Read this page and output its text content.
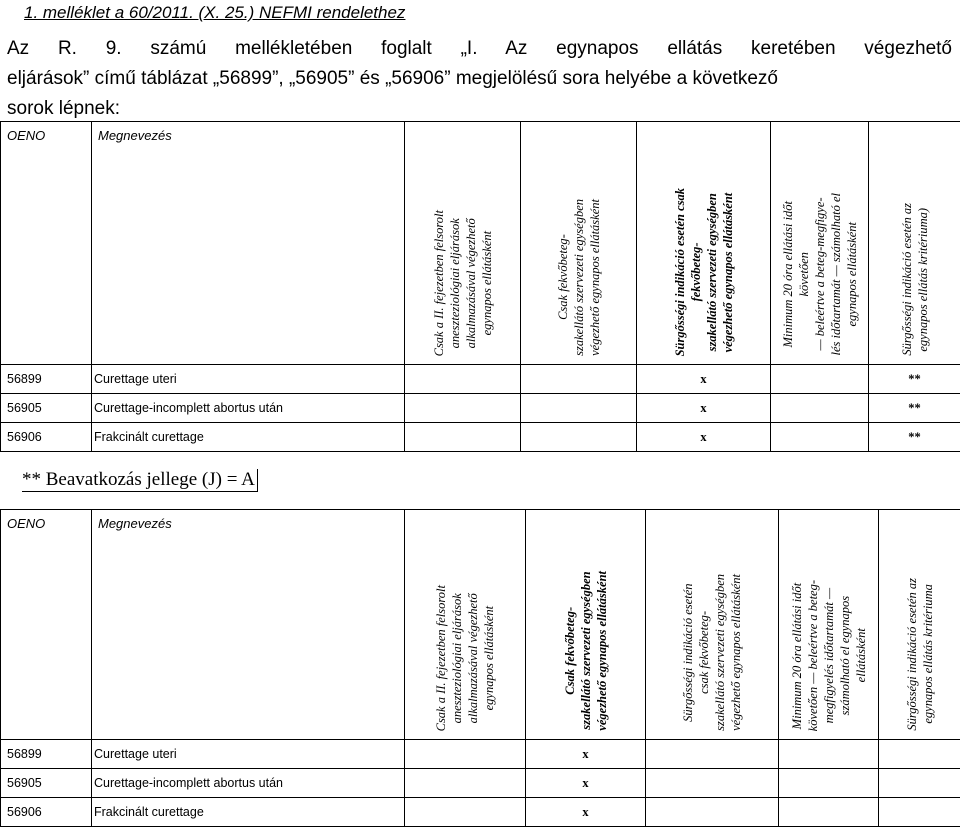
1. melléklet a 60/2011. (X. 25.) NEFMI rendelethez
Az R. 9. számú mellékletében foglalt „I. Az egynapos ellátás keretében végezhető
eljárások” című táblázat „56899”, „56905” és „56906” megjelölésű sora helyébe a következő
sorok lépnek:
OENO	Megnevezés	Csak a II. fejezetben felsorolt
aneszteziológiai eljárások
alkalmazásával végezhető
egynapos ellátásként	Csak fekvőbeteg-
szakellátó szervezeti egységben
végezhető egynapos ellátásként	Sürgősségi indikáció esetén csak
fekvőbeteg-
szakellátó szervezeti egységben
végezhető egynapos ellátásként	Minimum 20 óra ellátási időt
követően
— beleértve a beteg-megfigye-
lés időtartamát — számolható el
egynapos ellátásként	Sürgősségi indikáció esetén az
egynapos ellátás kritériuma)

56899	Curettage uteri			x		**
56905	Curettage-incomplett abortus után			x		**
56906	Frakcinált curettage			x		**
** Beavatkozás jellege (J) = A
OENO	Megnevezés	Csak a II. fejezetben felsorolt
aneszteziológiai eljárások
alkalmazásával végezhető
egynapos ellátásként	Csak fekvőbeteg-
szakellátó szervezeti egységben
végezhető egynapos ellátásként	Sürgősségi indikáció esetén
csak fekvőbeteg-
szakellátó szervezeti egységben
végezhető egynapos ellátásként	Minimum 20 óra ellátási időt
követően — beleértve a beteg-
megfigyelés időtartamát —
számolható el egynapos
ellátásként	Sürgősségi indikáció esetén az
egynapos ellátás kritériuma

56899	Curettage uteri		x			
56905	Curettage-incomplett abortus után		x			
56906	Frakcinált curettage		x			
